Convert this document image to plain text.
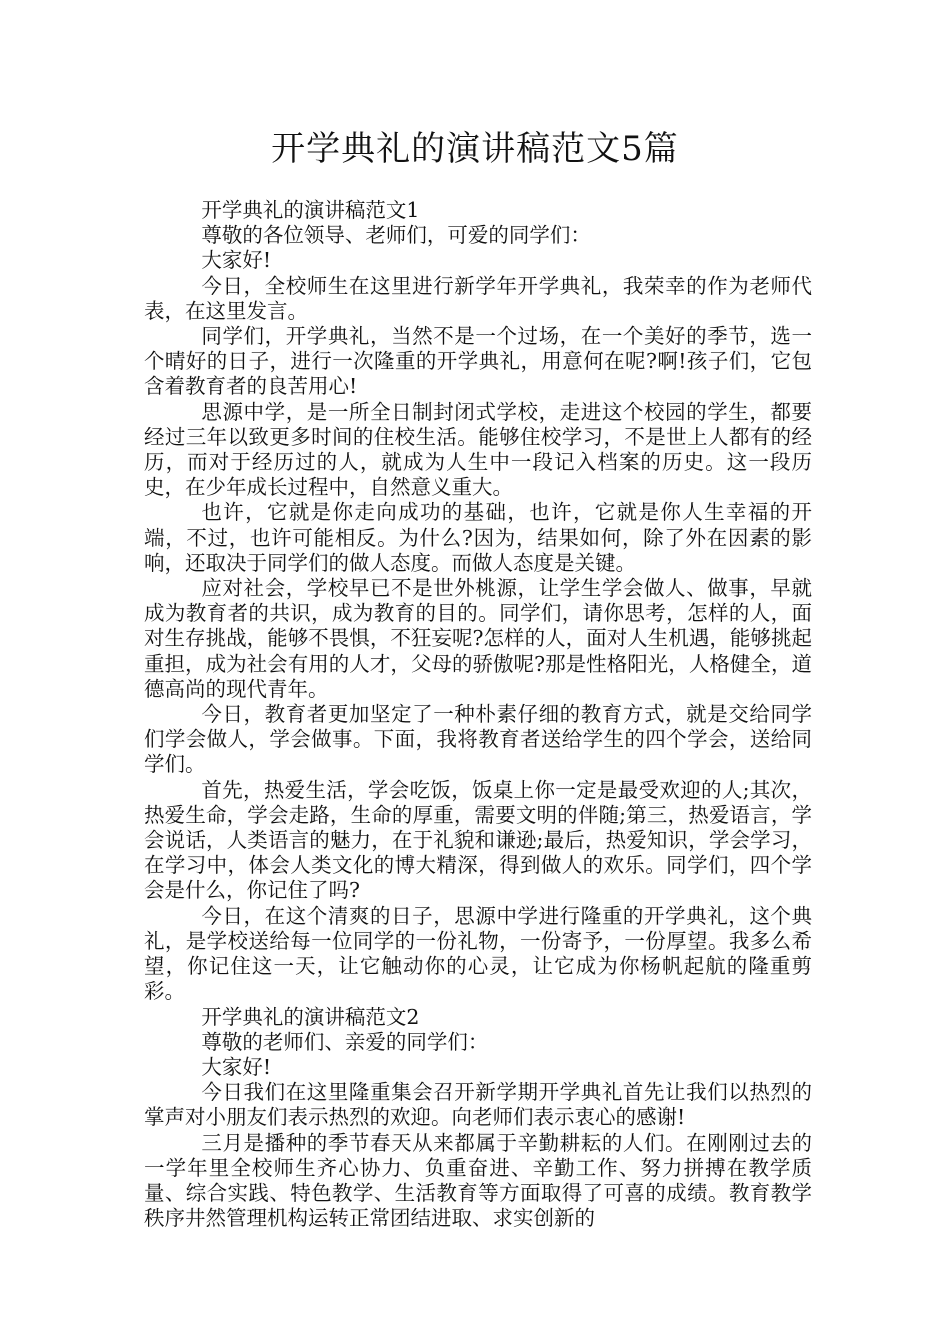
开学典礼的演讲稿范文5篇

开学典礼的演讲稿范文1

尊敬的各位领导、老师们，可爱的同学们：

大家好!

今日，全校师生在这里进行新学年开学典礼，我荣幸的作为老师代表，在这里发言。

同学们，开学典礼，当然不是一个过场，在一个美好的季节，选一个晴好的日子，进行一次隆重的开学典礼，用意何在呢?啊!孩子们，它包含着教育者的良苦用心!

思源中学，是一所全日制封闭式学校，走进这个校园的学生，都要经过三年以致更多时间的住校生活。能够住校学习，不是世上人都有的经历，而对于经历过的人，就成为人生中一段记入档案的历史。这一段历史，在少年成长过程中，自然意义重大。

也许，它就是你走向成功的基础，也许，它就是你人生幸福的开端，不过，也许可能相反。为什么?因为，结果如何，除了外在因素的影响，还取决于同学们的做人态度。而做人态度是关键。

应对社会，学校早已不是世外桃源，让学生学会做人、做事，早就成为教育者的共识，成为教育的目的。同学们，请你思考，怎样的人，面对生存挑战，能够不畏惧，不狂妄呢?怎样的人，面对人生机遇，能够挑起重担，成为社会有用的人才，父母的骄傲呢?那是性格阳光，人格健全，道德高尚的现代青年。

今日，教育者更加坚定了一种朴素仔细的教育方式，就是交给同学们学会做人，学会做事。下面，我将教育者送给学生的四个学会，送给同学们。

首先，热爱生活，学会吃饭，饭桌上你一定是最受欢迎的人;其次，热爱生命，学会走路，生命的厚重，需要文明的伴随;第三，热爱语言，学会说话，人类语言的魅力，在于礼貌和谦逊;最后，热爱知识，学会学习，在学习中，体会人类文化的博大精深，得到做人的欢乐。同学们，四个学会是什么，你记住了吗?

今日，在这个清爽的日子，思源中学进行隆重的开学典礼，这个典礼，是学校送给每一位同学的一份礼物，一份寄予，一份厚望。我多么希望，你记住这一天，让它触动你的心灵，让它成为你杨帆起航的隆重剪彩。

开学典礼的演讲稿范文2

尊敬的老师们、亲爱的同学们：

大家好!

今日我们在这里隆重集会召开新学期开学典礼首先让我们以热烈的掌声对小朋友们表示热烈的欢迎。向老师们表示衷心的感谢!

三月是播种的季节春天从来都属于辛勤耕耘的人们。在刚刚过去的一学年里全校师生齐心协力、负重奋进、辛勤工作、努力拼搏在教学质量、综合实践、特色教学、生活教育等方面取得了可喜的成绩。教育教学秩序井然管理机构运转正常团结进取、求实创新的
